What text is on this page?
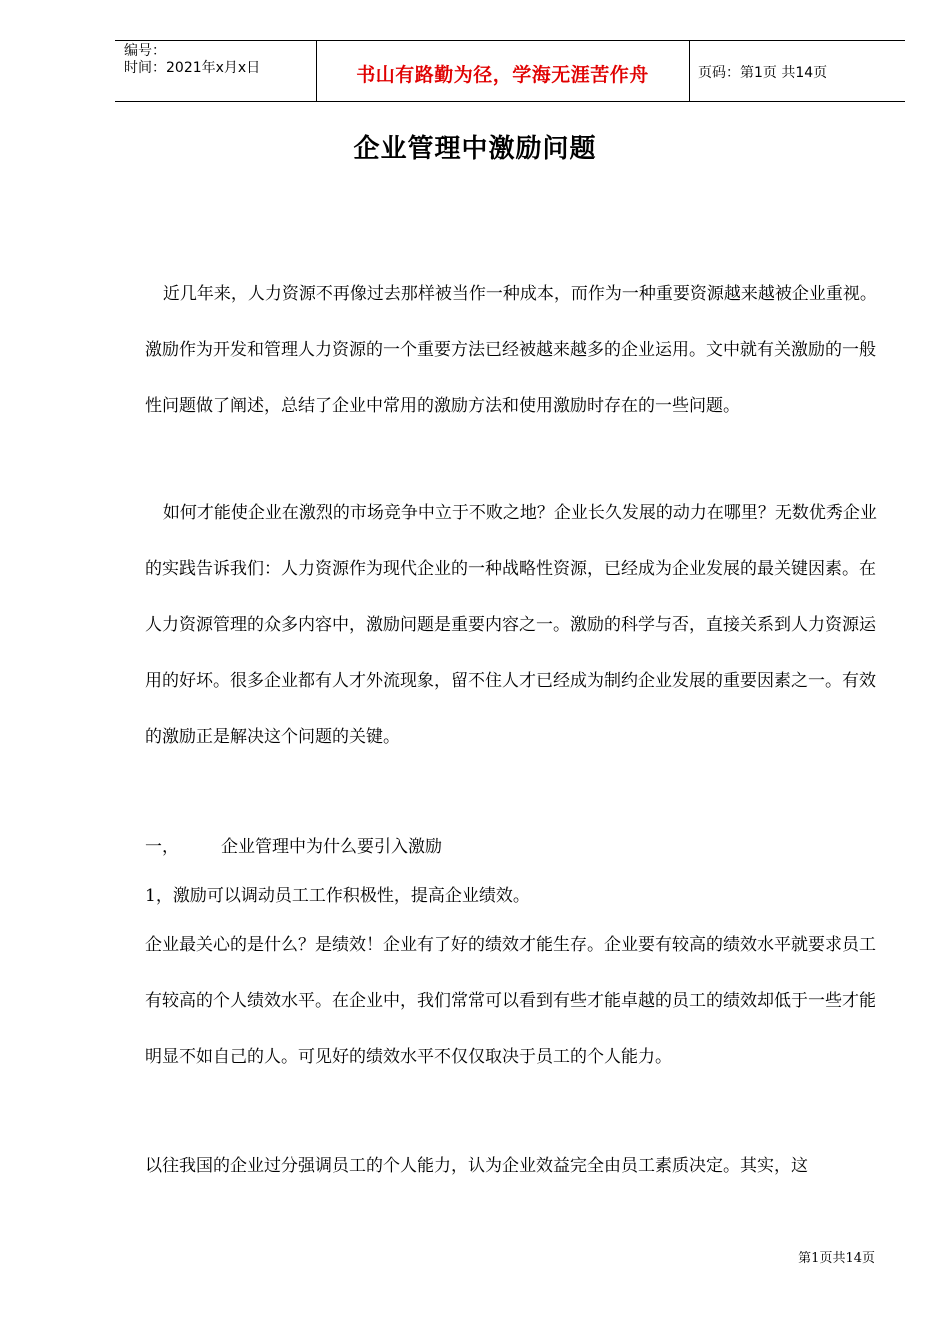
编号：
时间：2021年x月x日	书山有路勤为径，学海无涯苦作舟	页码：第1页 共14页
企业管理中激励问题

近几年来，人力资源不再像过去那样被当作一种成本，而作为一种重要资源越来越被企业重视。激励作为开发和管理人力资源的一个重要方法已经被越来越多的企业运用。文中就有关激励的一般性问题做了阐述，总结了企业中常用的激励方法和使用激励时存在的一些问题。

如何才能使企业在激烈的市场竞争中立于不败之地？企业长久发展的动力在哪里？无数优秀企业的实践告诉我们：人力资源作为现代企业的一种战略性资源，已经成为企业发展的最关键因素。在人力资源管理的众多内容中，激励问题是重要内容之一。激励的科学与否，直接关系到人力资源运用的好坏。很多企业都有人才外流现象，留不住人才已经成为制约企业发展的重要因素之一。有效的激励正是解决这个问题的关键。

一， 企业管理中为什么要引入激励
1，激励可以调动员工工作积极性，提高企业绩效。

企业最关心的是什么？是绩效！企业有了好的绩效才能生存。企业要有较高的绩效水平就要求员工有较高的个人绩效水平。在企业中，我们常常可以看到有些才能卓越的员工的绩效却低于一些才能明显不如自己的人。可见好的绩效水平不仅仅取决于员工的个人能力。

以往我国的企业过分强调员工的个人能力，认为企业效益完全由员工素质决定。其实，这

第1页共14页
